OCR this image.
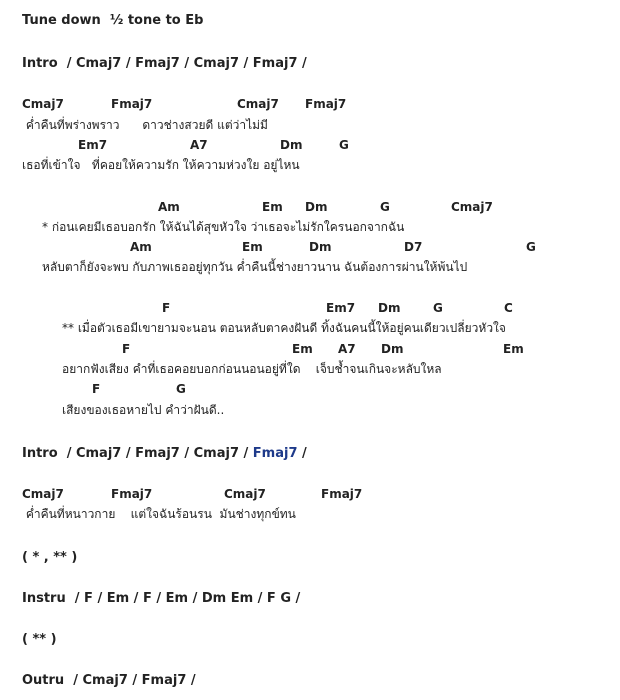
Tune down  ½ tone to Eb
Intro  / Cmaj7 / Fmaj7 / Cmaj7 / Fmaj7 /
Cmaj7	Fmaj7	Cmaj7 Fmaj7
ค่ำคืนที่พร่างพราว      ดาวช่างสวยดี แต่ว่าไม่มี
Em7	A7	Dm	G
เธอที่เข้าใจ   ที่คอยให้ความรัก ให้ความห่วงใย อยู่ไหน
Am	Em Dm	G	Cmaj7
* ก่อนเคยมีเธอบอกรัก ให้ฉันได้สุขหัวใจ ว่าเธอจะไม่รักใครนอกจากฉัน
Am	Em	Dm	D7	G
หลับตาก็ยังจะพบ กับภาพเธออยู่ทุกวัน ค่ำคืนนี้ช่างยาวนาน ฉันต้องการผ่านให้พ้นไป
F	Em7 Dm	G	C
** เมื่อตัวเธอมีเขายามจะนอน ตอนหลับตาคงฝันดี ทิ้งฉันคนนี้ให้อยู่คนเดียวเปลี่ยวหัวใจ
F	Em A7 Dm	Em
อยากฟังเสียง คำที่เธอคอยบอกก่อนนอนอยู่ที่ใด    เจ็บช้ำจนเกินจะหลับใหล
F	G
เสียงของเธอหายไป คำว่าฝันดี..
Intro  / Cmaj7 / Fmaj7 / Cmaj7 / Fmaj7 /
Cmaj7	Fmaj7	Cmaj7	Fmaj7
ค่ำคืนที่หนาวกาย    แต่ใจฉันร้อนรน  มันช่างทุกข์ทน
( * , ** )
Instru  / F / Em / F / Em / Dm Em / F G /
( ** )
Outru  / Cmaj7 / Fmaj7 /
